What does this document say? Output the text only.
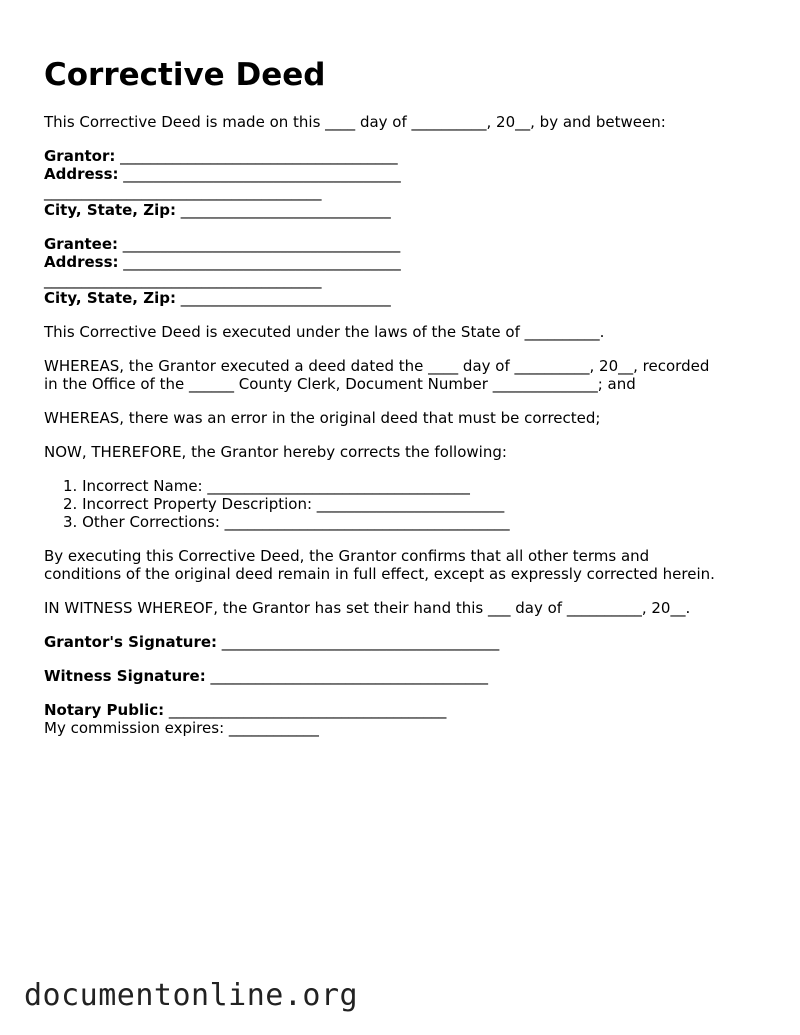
Corrective Deed
This Corrective Deed is made on this ____ day of __________, 20__, by and between:
Grantor: _____________________________________
Address: _____________________________________
_____________________________________
City, State, Zip: ____________________________
Grantee: _____________________________________
Address: _____________________________________
_____________________________________
City, State, Zip: ____________________________
This Corrective Deed is executed under the laws of the State of __________.
WHEREAS, the Grantor executed a deed dated the ____ day of __________, 20__, recorded
in the Office of the ______ County Clerk, Document Number ______________; and
WHEREAS, there was an error in the original deed that must be corrected;
NOW, THEREFORE, the Grantor hereby corrects the following:
1. Incorrect Name: ___________________________________
2. Incorrect Property Description: _________________________
3. Other Corrections: ______________________________________
By executing this Corrective Deed, the Grantor confirms that all other terms and
conditions of the original deed remain in full effect, except as expressly corrected herein.
IN WITNESS WHEREOF, the Grantor has set their hand this ___ day of __________, 20__.
Grantor's Signature: _____________________________________
Witness Signature: _____________________________________
Notary Public: _____________________________________
My commission expires: ____________
documentonline.org
